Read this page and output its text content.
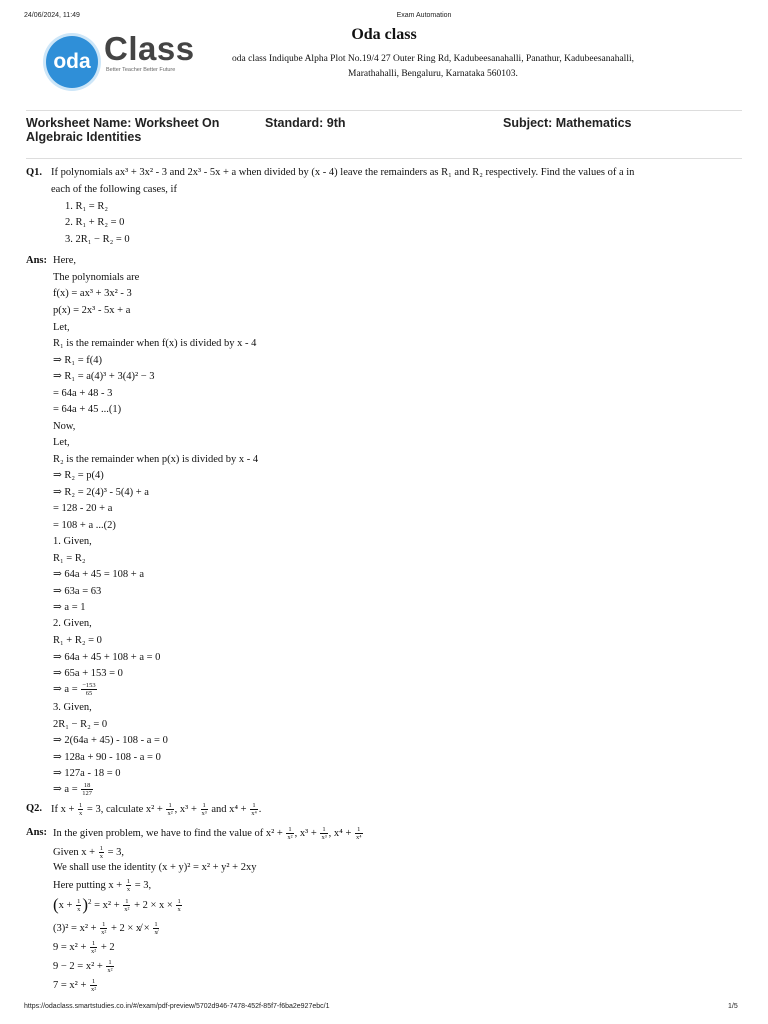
24/06/2024, 11:49	Exam Automation
oda Class
Better Teacher Better Future
Oda class
oda class Indiqube Alpha Plot No.19/4 27 Outer Ring Rd, Kadubeesanahalli, Panathur, Kadubeesanahalli,
Marathahalli, Bengaluru, Karnataka 560103.
Worksheet Name: Worksheet On
Algebraic Identities
Standard: 9th	Subject: Mathematics
Q1. If polynomials ax³ + 3x² - 3 and 2x³ - 5x + a when divided by (x - 4) leave the remainders as R₁ and R₂ respectively. Find the values of a in
each of the following cases, if
1. R₁ = R₂
2. R₁ + R₂ = 0
3. 2R₁ − R₂ = 0
Ans: Here,
The polynomials are
f(x) = ax³ + 3x² - 3
p(x) = 2x³ - 5x + a
Let,
R₁ is the remainder when f(x) is divided by x - 4
⇒ R₁ = f(4)
⇒ R₁ = a(4)³ + 3(4)² − 3
= 64a + 48 - 3
= 64a + 45 ...(1)
Now,
Let,
R₂ is the remainder when p(x) is divided by x - 4
⇒ R₂ = p(4)
⇒ R₂ = 2(4)³ - 5(4) + a
= 128 - 20 + a
= 108 + a ...(2)
1. Given,
R₁ = R₂
⇒ 64a + 45 = 108 + a
⇒ 63a = 63
⇒ a = 1
2. Given,
R₁ + R₂ = 0
⇒ 64a + 45 + 108 + a = 0
⇒ 65a + 153 = 0
⇒ $a = \frac{-153}{65}$
3. Given,
2R₁ − R₂ = 0
⇒ 2(64a + 45) - 108 - a = 0
⇒ 128a + 90 - 108 - a = 0
⇒ 127a - 18 = 0
⇒ $a = \frac{18}{127}$
Q2. If $x + \frac{1}{x} = 3$, calculate $x^2 + \frac{1}{\text{x²}}$ , $x^3 + \frac{1}{\text{x³}}$ and $x^4 + \frac{1}{\text{x⁴}}$ .
Ans: In the given problem, we have to find the value of $x^2 + \frac{1}{\text{x²}}$ , $x^3 + \frac{1}{\text{x³}}$ , $x^4 + \frac{1}{\text{x⁴}}$
Given $x + \frac{1}{x} = 3$,
We shall use the identity (x + y)² = x² + y² + 2xy
Here putting $x + \frac{1}{x} = 3$,
$(x + \frac{1}{x} )^2 = x^2 + \frac{1}{\text{x²}} + 2 \times x \times \frac{1}{x}$
$(3)^2 = x^2 + \frac{1}{\text{x²}} + 2$ × x̸ × $\frac{1}{x̸}$
$9 = x^2 + \frac{1}{\text{x²}} + 2$
$9 - 2 = x^2 + \frac{1}{\text{x²}}$
$7 = x^2 + \frac{1}{\text{x²}}$
https://odaclass.smartstudies.co.in/#/exam/pdf-preview/5702d946-7478-452f-85f7-f6ba2e927ebc/1	1/5
